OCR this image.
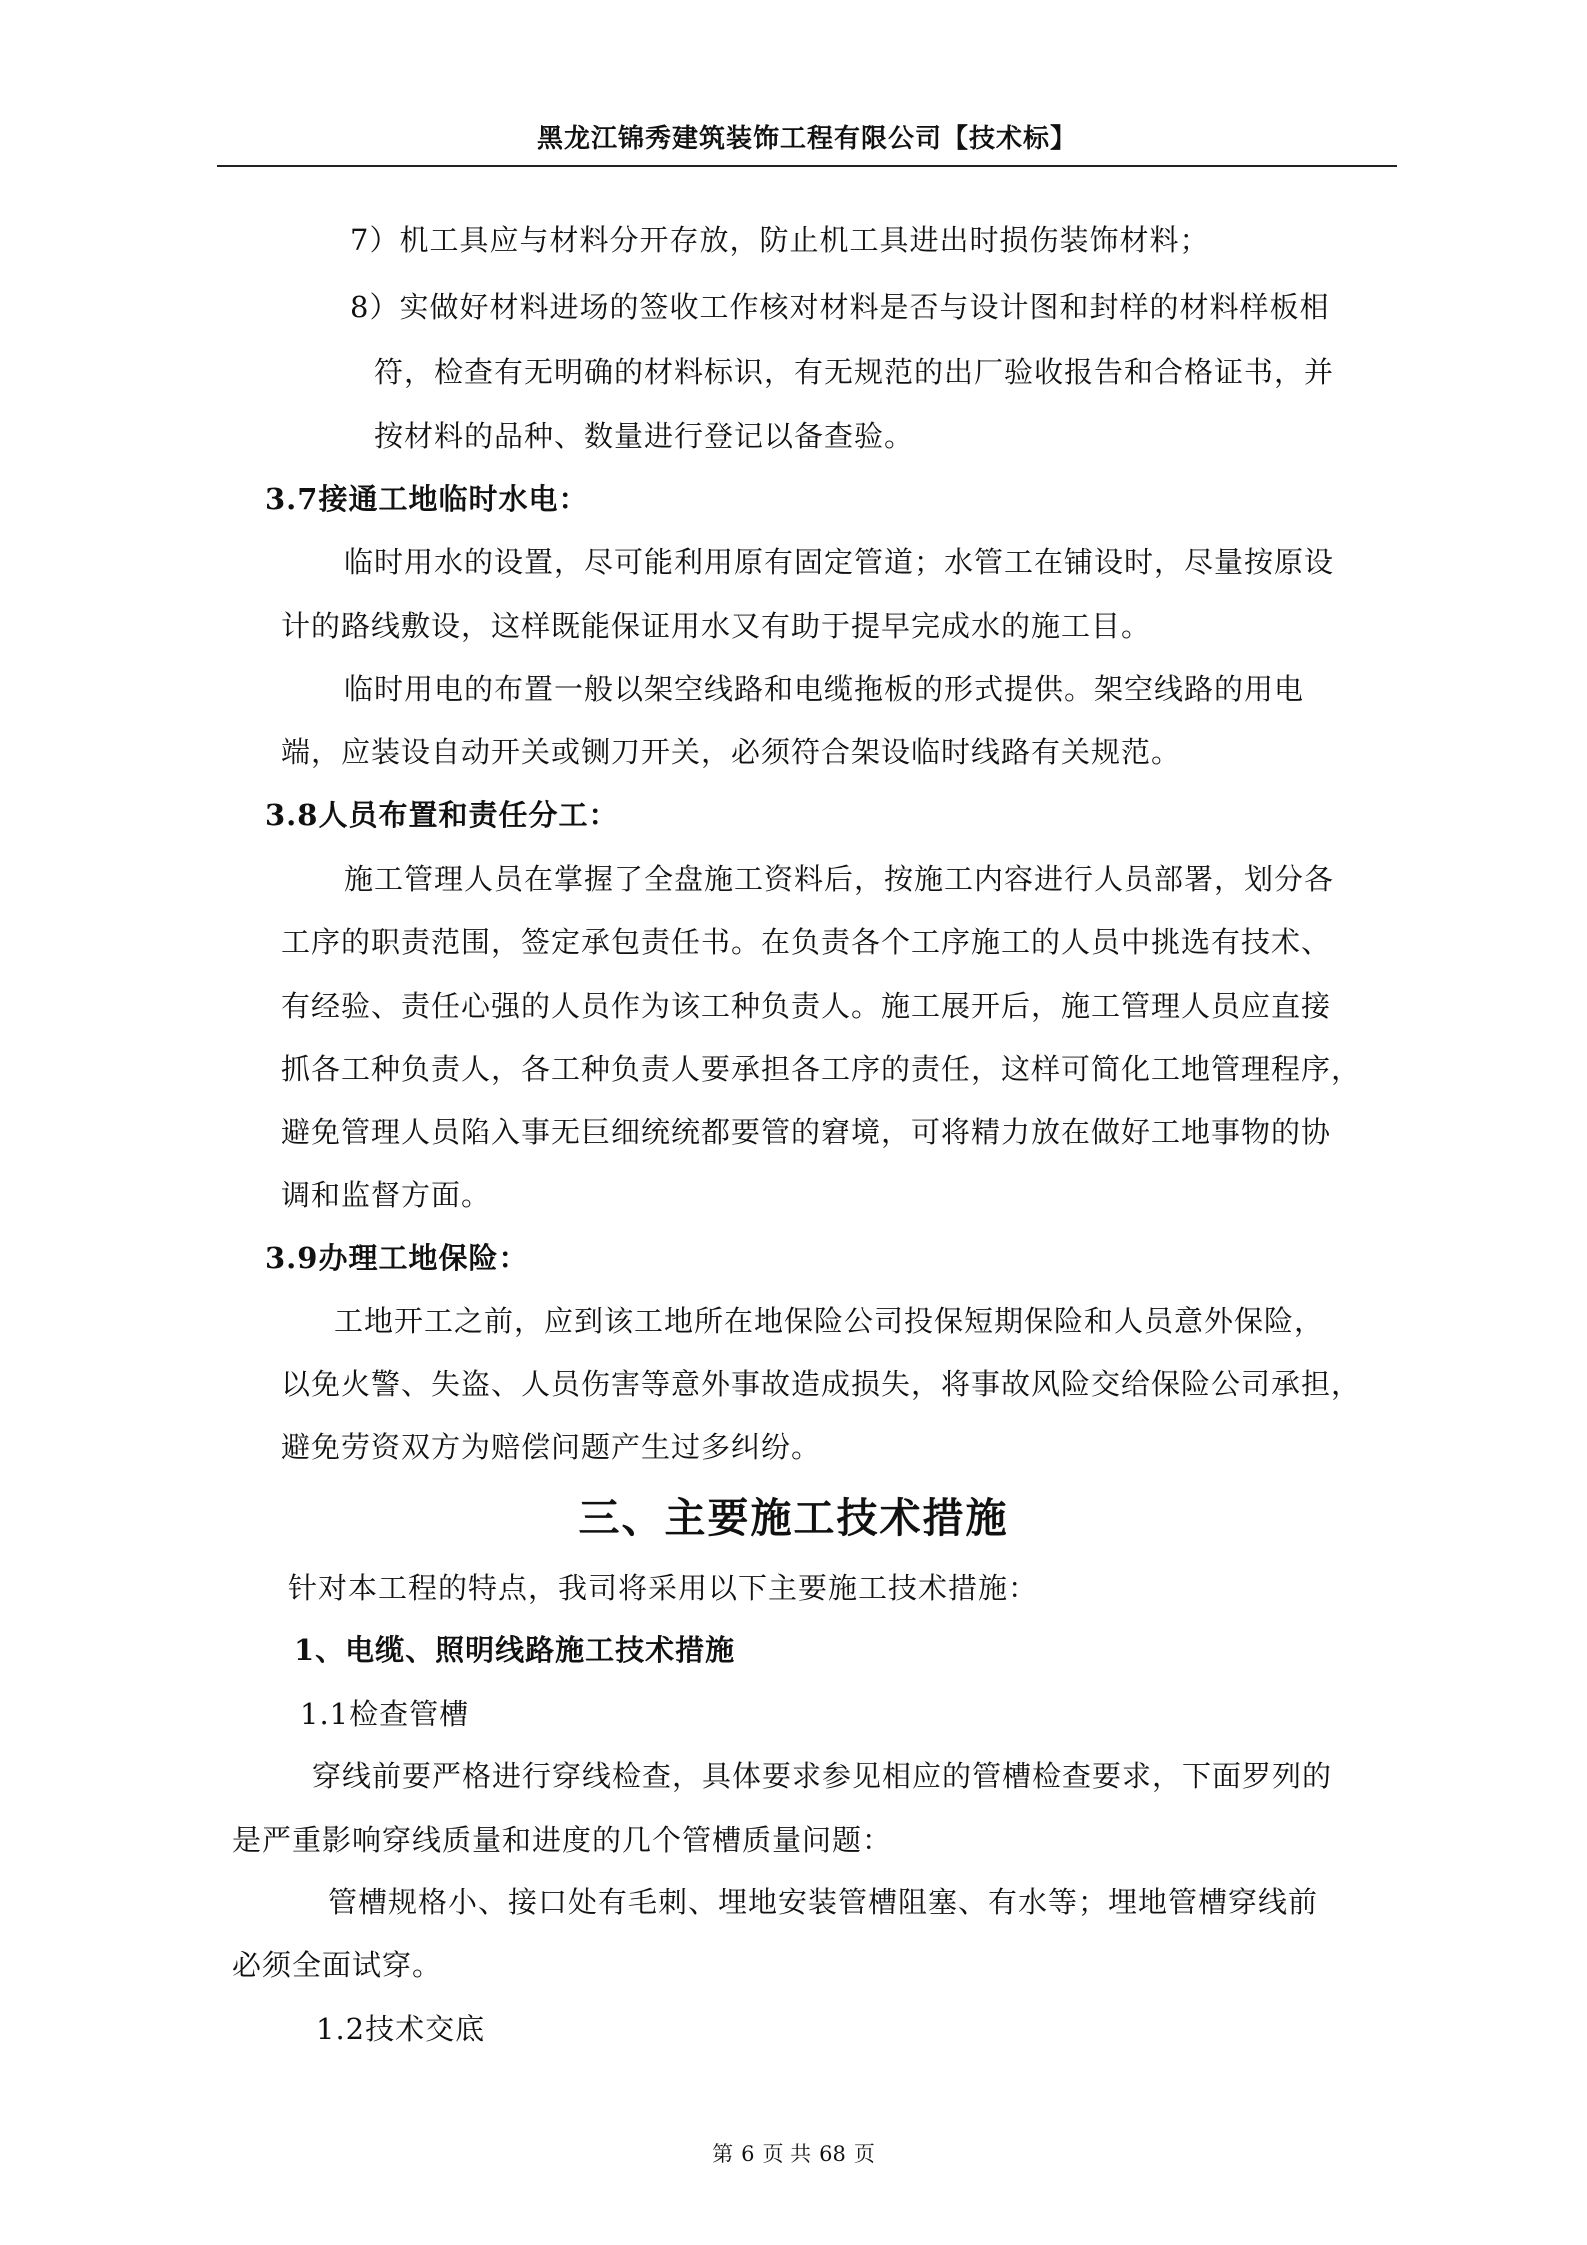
黑龙江锦秀建筑装饰工程有限公司【技术标】
7）机工具应与材料分开存放，防止机工具进出时损伤装饰材料；
8）实做好材料进场的签收工作核对材料是否与设计图和封样的材料样板相
符，检查有无明确的材料标识，有无规范的出厂验收报告和合格证书，并
按材料的品种、数量进行登记以备查验。
3.7接通工地临时水电：
临时用水的设置，尽可能利用原有固定管道；水管工在铺设时，尽量按原设
计的路线敷设，这样既能保证用水又有助于提早完成水的施工目。
临时用电的布置一般以架空线路和电缆拖板的形式提供。架空线路的用电
端，应装设自动开关或铡刀开关，必须符合架设临时线路有关规范。
3.8人员布置和责任分工：
施工管理人员在掌握了全盘施工资料后，按施工内容进行人员部署，划分各
工序的职责范围，签定承包责任书。在负责各个工序施工的人员中挑选有技术、
有经验、责任心强的人员作为该工种负责人。施工展开后，施工管理人员应直接
抓各工种负责人，各工种负责人要承担各工序的责任，这样可简化工地管理程序，
避免管理人员陷入事无巨细统统都要管的窘境，可将精力放在做好工地事物的协
调和监督方面。
3.9办理工地保险：
工地开工之前，应到该工地所在地保险公司投保短期保险和人员意外保险，
以免火警、失盗、人员伤害等意外事故造成损失，将事故风险交给保险公司承担，
避免劳资双方为赔偿问题产生过多纠纷。
三、主要施工技术措施
针对本工程的特点，我司将采用以下主要施工技术措施：
1、电缆、照明线路施工技术措施
1.1检查管槽
穿线前要严格进行穿线检查，具体要求参见相应的管槽检查要求，下面罗列的
是严重影响穿线质量和进度的几个管槽质量问题：
管槽规格小、接口处有毛刺、埋地安装管槽阻塞、有水等；埋地管槽穿线前
必须全面试穿。
1.2技术交底
第 6 页 共 68 页
